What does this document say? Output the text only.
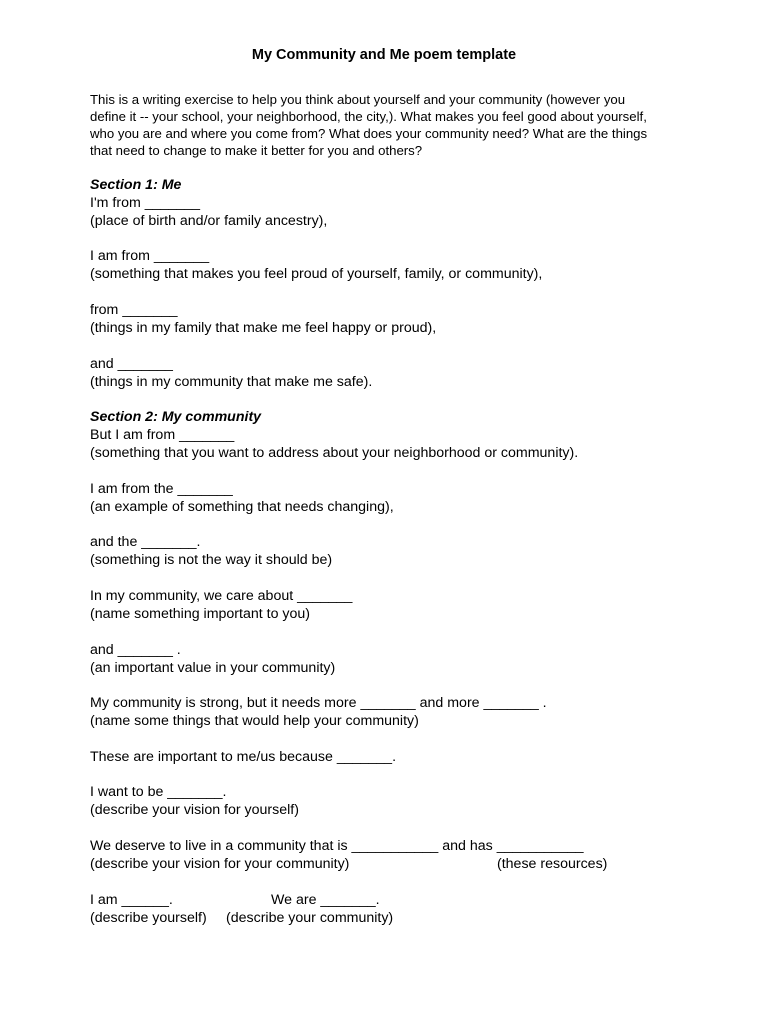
My Community and Me poem template
This is a writing exercise to help you think about yourself and your community (however you
define it -- your school, your neighborhood, the city,). What makes you feel good about yourself,
who you are and where you come from? What does your community need? What are the things
that need to change to make it better for you and others?
Section 1: Me
I'm from _______
(place of birth and/or family ancestry),
I am from _______
(something that makes you feel proud of yourself, family, or community),
from _______
(things in my family that make me feel happy or proud),
and _______
(things in my community that make me safe).
Section 2: My community
But I am from _______
(something that you want to address about your neighborhood or community).
I am from the _______
(an example of something that needs changing),
and the _______.
(something is not the way it should be)
In my community, we care about _______
(name something important to you)
and _______ .
(an important value in your community)
My community is strong, but it needs more _______ and more _______ .
(name some things that would help your community)
These are important to me/us because _______.
I want to be _______.
(describe your vision for yourself)
We deserve to live in a community that is ___________ and has ___________
(describe your vision for your community)	(these resources)
I am ______.	We are _______.
(describe yourself) (describe your community)
